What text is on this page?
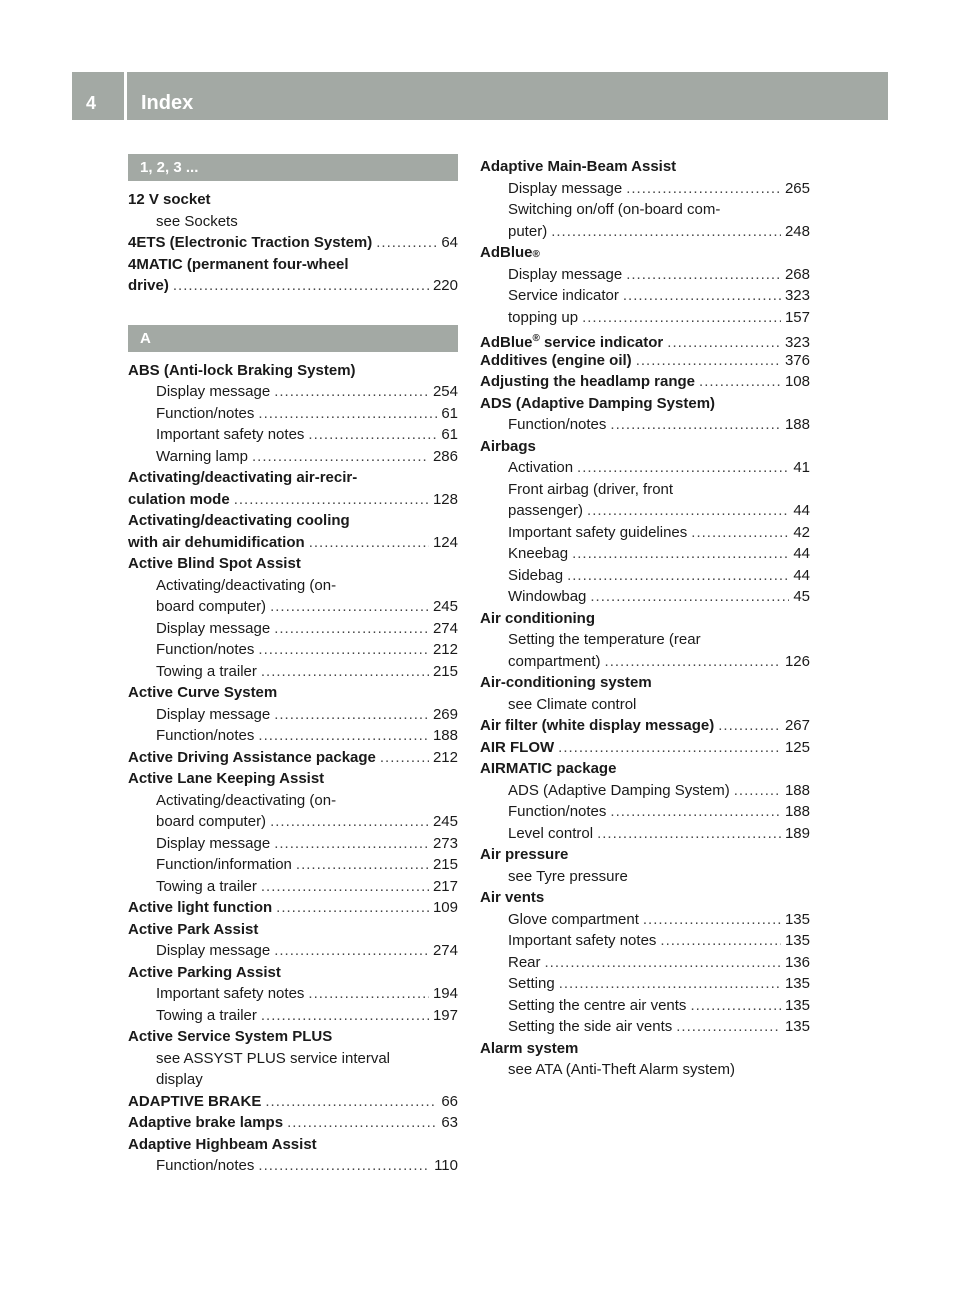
4 Index
1, 2, 3 ...
12 V socket
see Sockets
4ETS (Electronic Traction System) .....	64
4MATIC (permanent four-wheel
drive) .....	220
A
ABS (Anti-lock Braking System)
Display message .....	254
Function/notes .....	61
Important safety notes .....	61
Warning lamp .....	286
Activating/deactivating air-recir-
culation mode .....	128
Activating/deactivating cooling
with air dehumidification .....	124
Active Blind Spot Assist
Activating/deactivating (on-
board computer) .....	245
Display message .....	274
Function/notes .....	212
Towing a trailer .....	215
Active Curve System
Display message .....	269
Function/notes .....	188
Active Driving Assistance package .....	212
Active Lane Keeping Assist
Activating/deactivating (on-
board computer) .....	245
Display message .....	273
Function/information .....	215
Towing a trailer .....	217
Active light function .....	109
Active Park Assist
Display message .....	274
Active Parking Assist
Important safety notes .....	194
Towing a trailer .....	197
Active Service System PLUS
see ASSYST PLUS service interval
display
ADAPTIVE BRAKE .....	66
Adaptive brake lamps .....	63
Adaptive Highbeam Assist
Function/notes .....	110
Adaptive Main-Beam Assist
Display message .....	265
Switching on/off (on-board com-
puter) .....	248
AdBlue ®
Display message .....	268
Service indicator .....	323
topping up .....	157
AdBlue® service indicator .....	323
Additives (engine oil) .....	376
Adjusting the headlamp range .....	108
ADS (Adaptive Damping System)
Function/notes .....	188
Airbags
Activation .....	41
Front airbag (driver, front
passenger) .....	44
Important safety guidelines .....	42
Kneebag .....	44
Sidebag .....	44
Windowbag .....	45
Air conditioning
Setting the temperature (rear
compartment) .....	126
Air-conditioning system
see Climate control
Air filter (white display message) .....	267
AIR FLOW .....	125
AIRMATIC package
ADS (Adaptive Damping System) .....	188
Function/notes .....	188
Level control .....	189
Air pressure
see Tyre pressure
Air vents
Glove compartment .....	135
Important safety notes .....	135
Rear .....	136
Setting .....	135
Setting the centre air vents .....	135
Setting the side air vents .....	135
Alarm system
see ATA (Anti-Theft Alarm system)
